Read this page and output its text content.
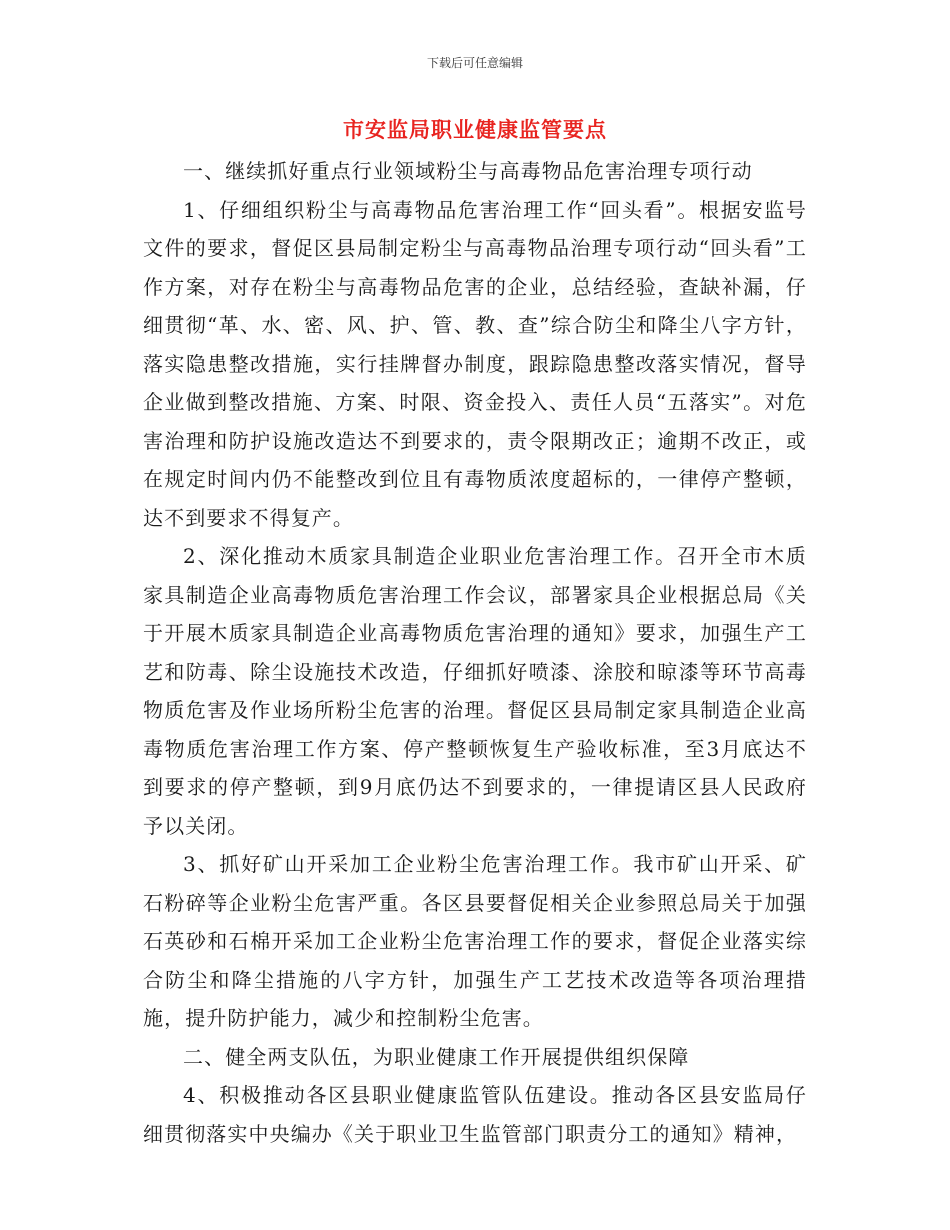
下载后可任意编辑
市安监局职业健康监管要点

一、继续抓好重点行业领域粉尘与高毒物品危害治理专项行动

1、仔细组织粉尘与高毒物品危害治理工作“回头看”。根据安监号文件的要求，督促区县局制定粉尘与高毒物品治理专项行动“回头看”工作方案，对存在粉尘与高毒物品危害的企业，总结经验，查缺补漏，仔细贯彻“革、水、密、风、护、管、教、查”综合防尘和降尘八字方针，落实隐患整改措施，实行挂牌督办制度，跟踪隐患整改落实情况，督导企业做到整改措施、方案、时限、资金投入、责任人员“五落实”。对危害治理和防护设施改造达不到要求的，责令限期改正；逾期不改正，或在规定时间内仍不能整改到位且有毒物质浓度超标的，一律停产整顿，达不到要求不得复产。

2、深化推动木质家具制造企业职业危害治理工作。召开全市木质家具制造企业高毒物质危害治理工作会议，部署家具企业根据总局《关于开展木质家具制造企业高毒物质危害治理的通知》要求，加强生产工艺和防毒、除尘设施技术改造，仔细抓好喷漆、涂胶和晾漆等环节高毒物质危害及作业场所粉尘危害的治理。督促区县局制定家具制造企业高毒物质危害治理工作方案、停产整顿恢复生产验收标准，至3月底达不到要求的停产整顿，到9月底仍达不到要求的，一律提请区县人民政府予以关闭。

3、抓好矿山开采加工企业粉尘危害治理工作。我市矿山开采、矿石粉碎等企业粉尘危害严重。各区县要督促相关企业参照总局关于加强石英砂和石棉开采加工企业粉尘危害治理工作的要求，督促企业落实综合防尘和降尘措施的八字方针，加强生产工艺技术改造等各项治理措施，提升防护能力，减少和控制粉尘危害。

二、健全两支队伍，为职业健康工作开展提供组织保障

4、积极推动各区县职业健康监管队伍建设。推动各区县安监局仔细贯彻落实中央编办《关于职业卫生监管部门职责分工的通知》精神，
